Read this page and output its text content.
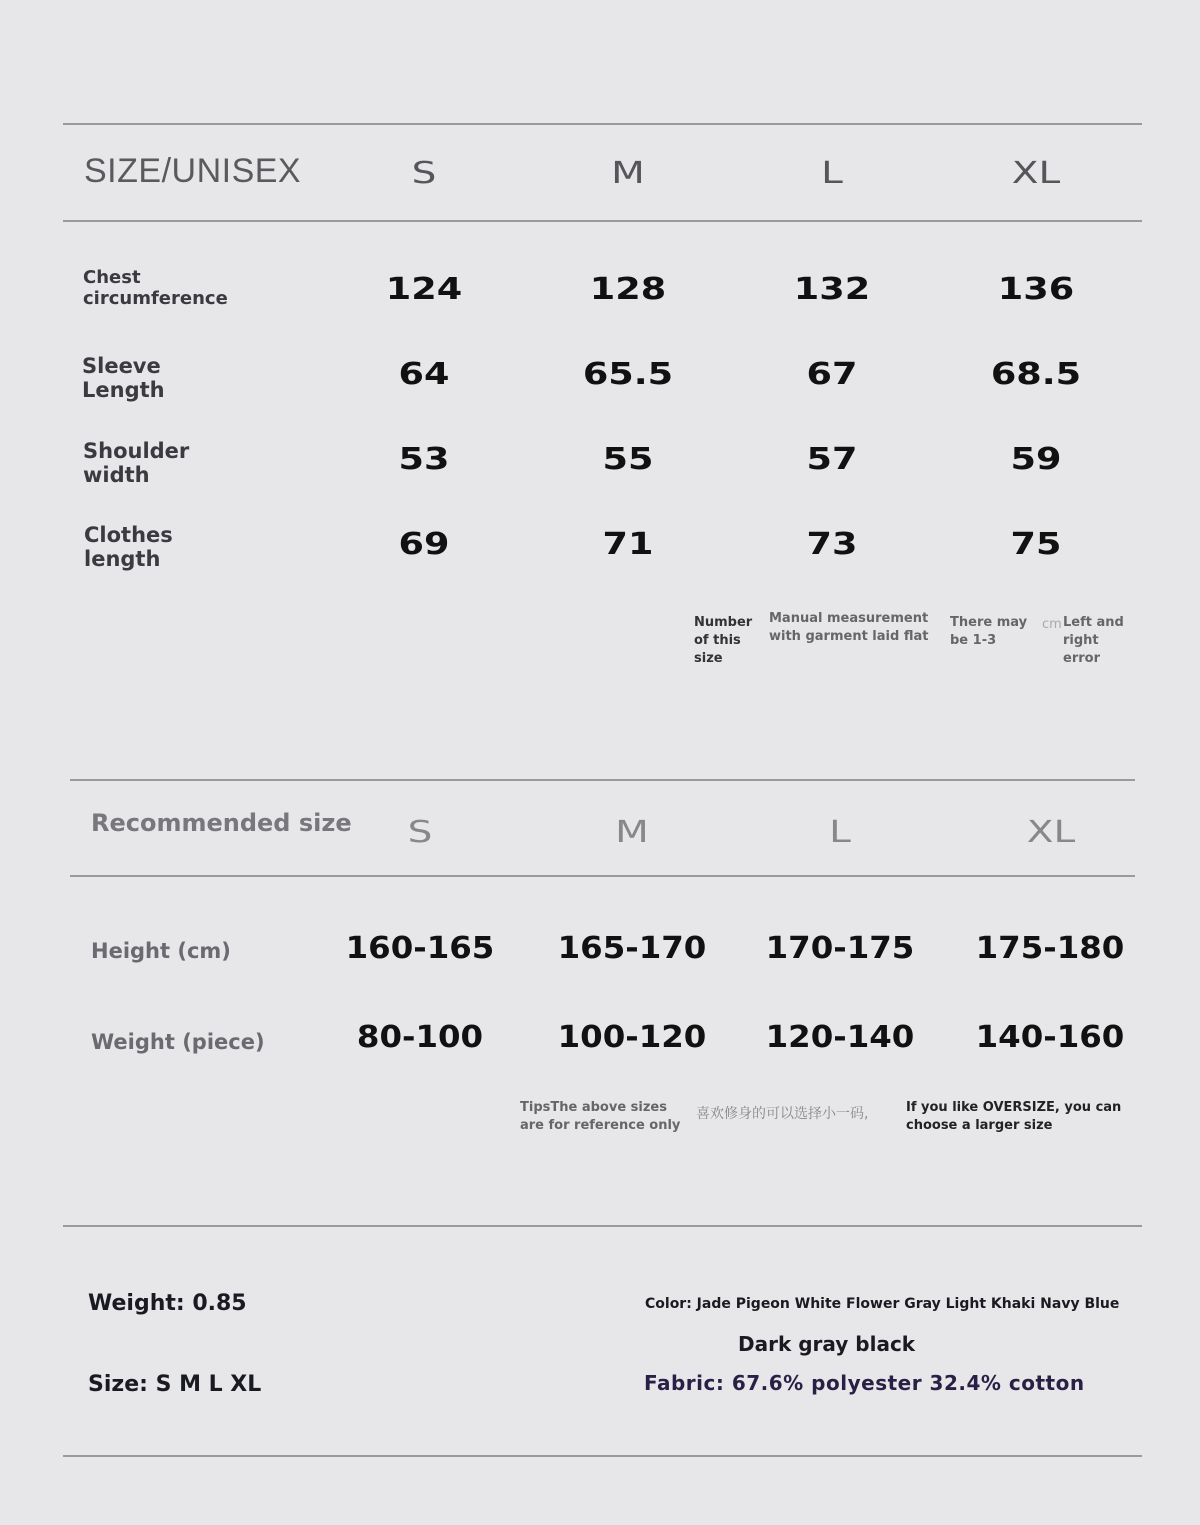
SIZE/UNISEX	S	M	L	XL
Chest
circumference	124	128	132	136
Sleeve
Length	64	65.5	67	68.5
Shoulder
width	53	55	57	59
Clothes
length	69	71	73	75
Number
of this
size
Manual measurement
with garment laid flat
There may
be 1-3
cm Left and
right
error
Recommended size	S	M	L	XL
Height (cm)	160-165	165-170	170-175	175-180
Weight (piece)	80-100	100-120	120-140	140-160
TipsThe above sizes
are for reference only
喜欢修身的可以选择小一码,	If you like OVERSIZE, you can
choose a larger size
Weight: 0.85
Size: S M L XL
Color: Jade Pigeon White Flower Gray Light Khaki Navy Blue
Dark gray black
Fabric: 67.6% polyester 32.4% cotton
